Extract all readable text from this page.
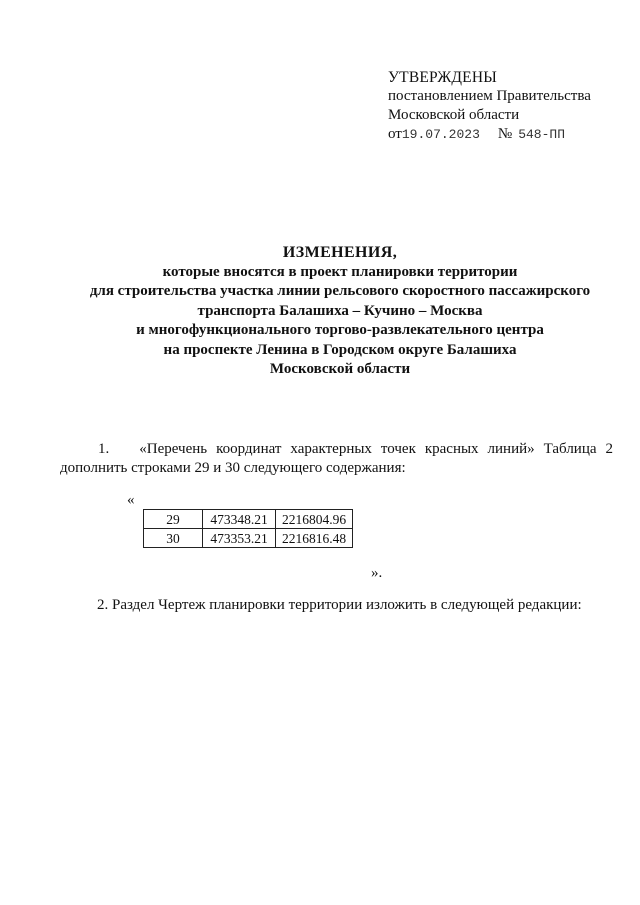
УТВЕРЖДЕНЫ
постановлением Правительства
Московской области
от19.07.2023 № 548-ПП
ИЗМЕНЕНИЯ,
которые вносятся в проект планировки территории
для строительства участка линии рельсового скоростного пассажирского
транспорта Балашиха – Кучино – Москва
и многофункционального торгово-развлекательного центра
на проспекте Ленина в Городском округе Балашиха
Московской области
1. «Перечень координат характерных точек красных линий» Таблица 2
дополнить строками 29 и 30 следующего содержания:
«
29	473348.21	2216804.96
30	473353.21	2216816.48
».
2. Раздел Чертеж планировки территории изложить в следующей редакции:
